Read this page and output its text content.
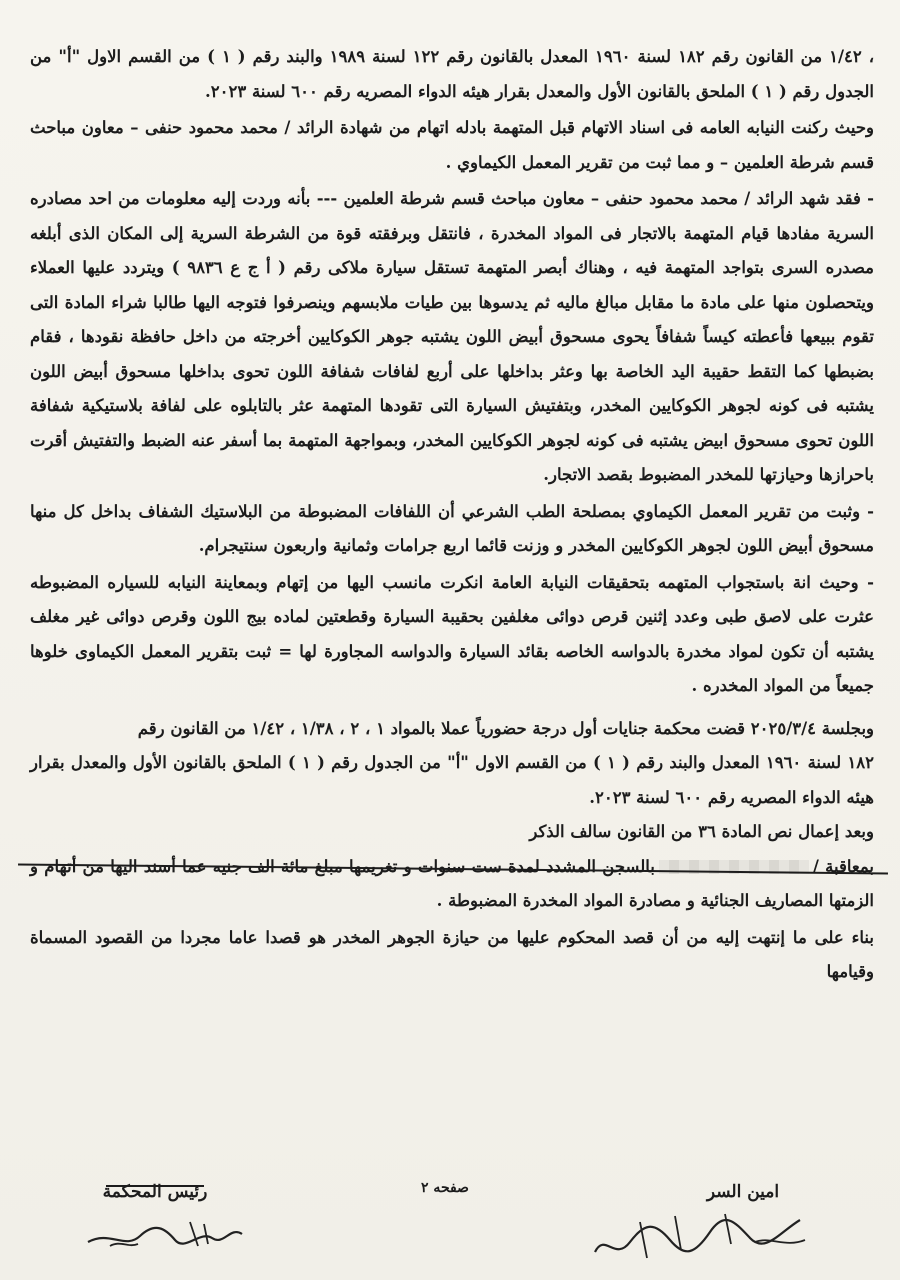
، ١/٤٢ من القانون رقم ١٨٢ لسنة ١٩٦٠ المعدل بالقانون رقم ١٢٢ لسنة ١٩٨٩ والبند رقم ( ١ ) من القسم الاول "أ" من الجدول رقم ( ١ ) الملحق بالقانون الأول والمعدل بقرار هيئه الدواء المصريه رقم ٦٠٠ لسنة ٢٠٢٣.

وحيث ركنت النيابه العامه فى اسناد الاتهام قبل المتهمة بادله اتهام من شهادة الرائد / محمد محمود حنفى – معاون مباحث قسم شرطة العلمين – و مما ثبت من تقرير المعمل الكيماوي .

- فقد شهد الرائد / محمد محمود حنفى – معاون مباحث قسم شرطة العلمين --- بأنه وردت إليه معلومات من احد مصادره السرية مفادها قيام المتهمة بالاتجار فى المواد المخدرة ، فانتقل وبرفقته قوة من الشرطة السرية إلى المكان الذى أبلغه مصدره السرى بتواجد المتهمة فيه ، وهناك أبصر المتهمة تستقل سيارة ملاكى رقم ( أ ج ع ٩٨٣٦ ) ويتردد عليها العملاء ويتحصلون منها على مادة ما مقابل مبالغ ماليه ثم يدسوها بين طيات ملابسهم وينصرفوا فتوجه اليها طالبا شراء المادة التى تقوم ببيعها فأعطته كيساً شفافاً يحوى مسحوق أبيض اللون يشتبه جوهر الكوكايين أخرجته من داخل حافظة نقودها ، فقام بضبطها كما التقط حقيبة اليد الخاصة بها وعثر بداخلها على أربع لفافات شفافة اللون تحوى بداخلها مسحوق أبيض اللون يشتبه فى كونه لجوهر الكوكايين المخدر، وبتفتيش السيارة التى تقودها المتهمة عثر بالتابلوه على لفافة بلاستيكية شفافة اللون تحوى مسحوق ابيض يشتبه فى كونه لجوهر الكوكايين المخدر، وبمواجهة المتهمة بما أسفر عنه الضبط والتفتيش أقرت باحرازها وحيازتها للمخدر المضبوط بقصد الاتجار.

- وثبت من تقرير المعمل الكيماوي بمصلحة الطب الشرعي أن اللفافات المضبوطة من البلاستيك الشفاف بداخل كل منها مسحوق أبيض اللون لجوهر الكوكايين المخدر و وزنت قائما اربع جرامات وثمانية واربعون سنتيجرام.

- وحيث انة باستجواب المتهمه بتحقيقات النيابة العامة انكرت مانسب اليها من إتهام وبمعاينة النيابه للسياره المضبوطه عثرت على لاصق طبى وعدد إثنين قرص دوائى مغلفين بحقيبة السيارة وقطعتين لماده بيج اللون وقرص دوائى غير مغلف يشتبه أن تكون لمواد مخدرة بالدواسه الخاصه بقائد السيارة والدواسه المجاورة لها = ثبت بتقرير المعمل الكيماوى خلوها جميعاً من المواد المخدره .

وبجلسة ٢٠٢٥/٣/٤ قضت محكمة جنايات أول درجة حضورياً عملا بالمواد ١ ، ٢ ، ١/٣٨ ، ١/٤٢ من القانون رقم

١٨٢ لسنة ١٩٦٠ المعدل والبند رقم ( ١ ) من القسم الاول "أ" من الجدول رقم ( ١ ) الملحق بالقانون الأول والمعدل بقرار هيئه الدواء المصريه رقم ٦٠٠ لسنة ٢٠٢٣.

وبعد إعمال نص المادة ٣٦ من القانون سالف الذكر

بمعاقبة /بالسجن المشدد لمدة ست سنوات و تغريمها مبلغ مائة الف جنيه عما أسند اليها من أتهام و الزمتها المصاريف الجنائية و مصادرة المواد المخدرة المضبوطة .

بناء على ما إنتهت إليه من أن قصد المحكوم عليها من حيازة الجوهر المخدر هو قصدا عاما مجردا من القصود المسماة وقيامها

رئيس المحكمة	صفحه ٢	امين السر
